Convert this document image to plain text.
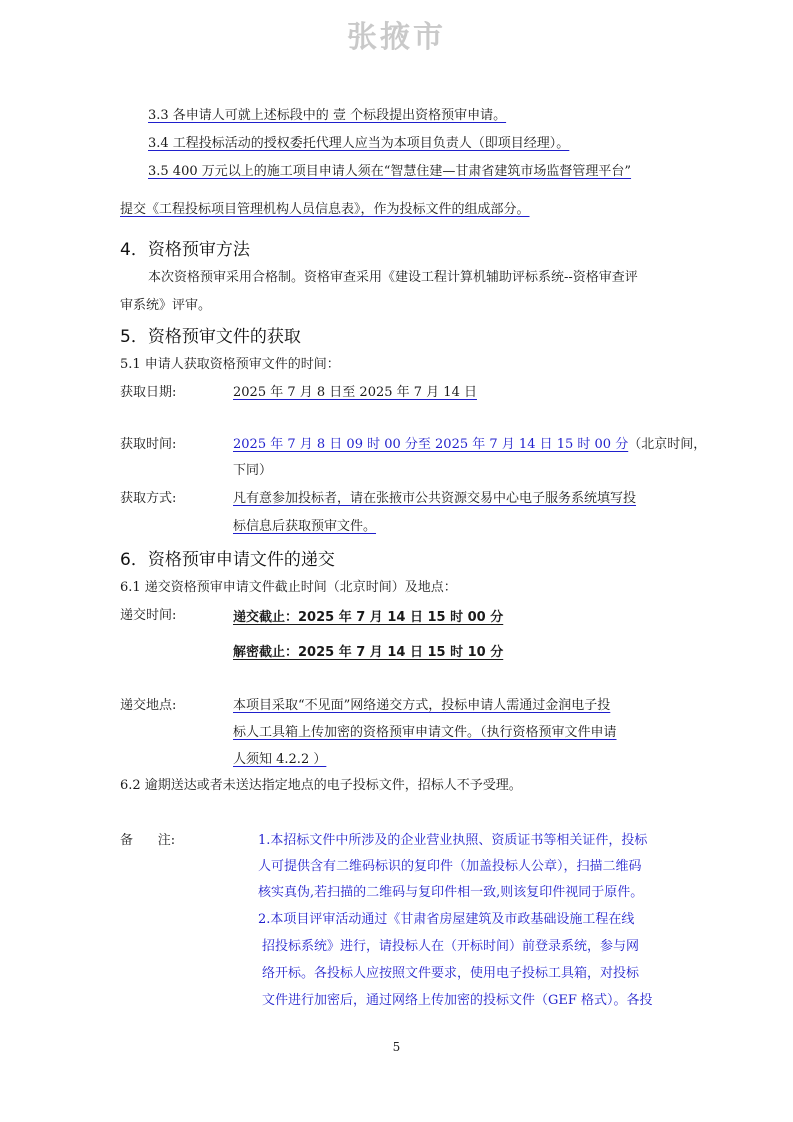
张掖市
3.3 各申请人可就上述标段中的 壹 个标段提出资格预审申请。
3.4 工程投标活动的授权委托代理人应当为本项目负责人（即项目经理）。
3.5 400 万元以上的施工项目申请人须在“智慧住建—甘肃省建筑市场监督管理平台”
提交《工程投标项目管理机构人员信息表》，作为投标文件的组成部分。
4．资格预审方法
本次资格预审采用合格制。资格审查采用《建设工程计算机辅助评标系统--资格审查评
审系统》评审。
5．资格预审文件的获取
5.1 申请人获取资格预审文件的时间：
获取日期:	2025 年 7 月 8 日至 2025 年 7 月 14 日
获取时间:	2025 年 7 月 8 日 09 时 00 分至 2025 年 7 月 14 日 15 时 00 分（北京时间，
下同）
获取方式:	凡有意参加投标者，请在张掖市公共资源交易中心电子服务系统填写投
标信息后获取预审文件。
6．资格预审申请文件的递交
6.1 递交资格预审申请文件截止时间（北京时间）及地点：
递交时间:	递交截止：2025 年 7 月 14 日 15 时 00 分
解密截止：2025 年 7 月 14 日 15 时 10 分
递交地点:	本项目采取“不见面”网络递交方式，投标申请人需通过金润电子投
标人工具箱上传加密的资格预审申请文件。（执行资格预审文件申请
人须知 4.2.2 ）
6.2 逾期送达或者未送达指定地点的电子投标文件，招标人不予受理。
备      注:	1.本招标文件中所涉及的企业营业执照、资质证书等相关证件，投标
人可提供含有二维码标识的复印件（加盖投标人公章），扫描二维码
核实真伪,若扫描的二维码与复印件相一致,则该复印件视同于原件。
2.本项目评审活动通过《甘肃省房屋建筑及市政基础设施工程在线
招投标系统》进行，请投标人在（开标时间）前登录系统，参与网
络开标。各投标人应按照文件要求，使用电子投标工具箱，对投标
文件进行加密后，通过网络上传加密的投标文件（GEF 格式）。各投
5
